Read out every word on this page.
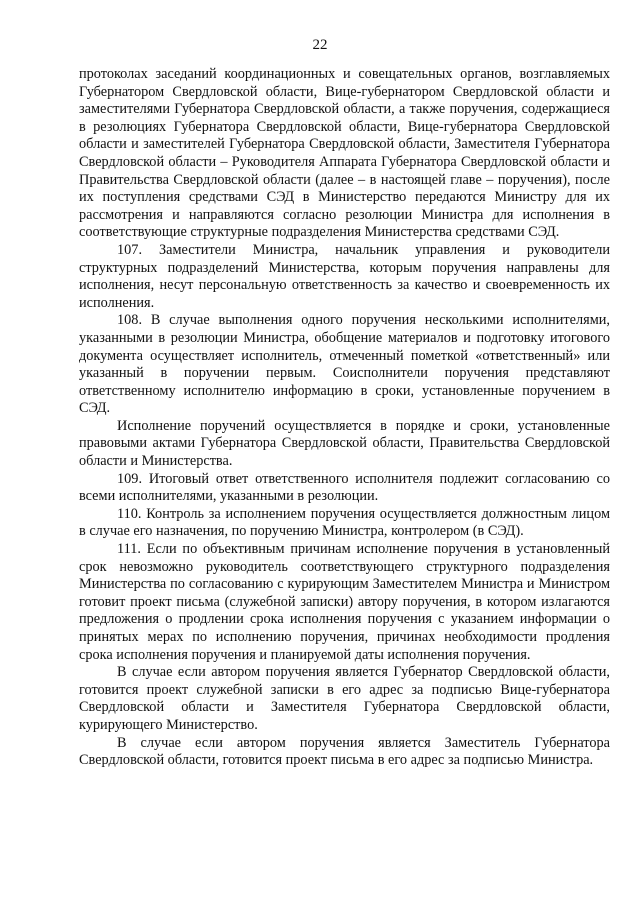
22

протоколах заседаний координационных и совещательных органов, возглавляемых Губернатором Свердловской области, Вице-губернатором Свердловской области и заместителями Губернатора Свердловской области, а также поручения, содержащиеся в резолюциях Губернатора Свердловской области, Вице-губернатора Свердловской области и заместителей Губернатора Свердловской области, Заместителя Губернатора Свердловской области – Руководителя Аппарата Губернатора Свердловской области и Правительства Свердловской области (далее – в настоящей главе – поручения), после их поступления средствами СЭД в Министерство передаются Министру для их рассмотрения и направляются согласно резолюции Министра для исполнения в соответствующие структурные подразделения Министерства средствами СЭД.

107. Заместители Министра, начальник управления и руководители структурных подразделений Министерства, которым поручения направлены для исполнения, несут персональную ответственность за качество и своевременность их исполнения.

108. В случае выполнения одного поручения несколькими исполнителями, указанными в резолюции Министра, обобщение материалов и подготовку итогового документа осуществляет исполнитель, отмеченный пометкой «ответственный» или указанный в поручении первым. Соисполнители поручения представляют ответственному исполнителю информацию в сроки, установленные поручением в СЭД.

Исполнение поручений осуществляется в порядке и сроки, установленные правовыми актами Губернатора Свердловской области, Правительства Свердловской области и Министерства.

109. Итоговый ответ ответственного исполнителя подлежит согласованию со всеми исполнителями, указанными в резолюции.

110. Контроль за исполнением поручения осуществляется должностным лицом в случае его назначения, по поручению Министра, контролером (в СЭД).

111. Если по объективным причинам исполнение поручения в установленный срок невозможно руководитель соответствующего структурного подразделения Министерства по согласованию с курирующим Заместителем Министра и Министром готовит проект письма (служебной записки) автору поручения, в котором излагаются предложения о продлении срока исполнения поручения с указанием информации о принятых мерах по исполнению поручения, причинах необходимости продления срока исполнения поручения и планируемой даты исполнения поручения.

В случае если автором поручения является Губернатор Свердловской области, готовится проект служебной записки в его адрес за подписью Вице-губернатора Свердловской области и Заместителя Губернатора Свердловской области, курирующего Министерство.

В случае если автором поручения является Заместитель Губернатора Свердловской области, готовится проект письма в его адрес за подписью Министра.
